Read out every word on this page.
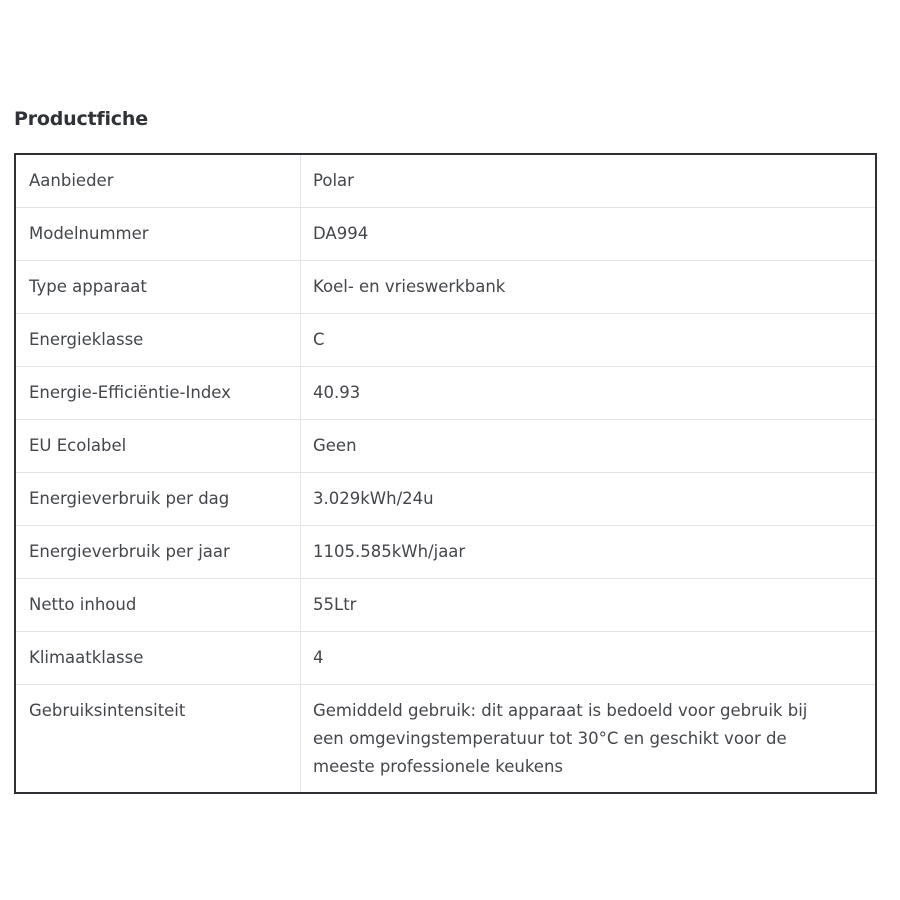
Productfiche
Aanbieder	Polar
Modelnummer	DA994
Type apparaat	Koel- en vrieswerkbank
Energieklasse	C
Energie-Efficiëntie-Index	40.93
EU Ecolabel	Geen
Energieverbruik per dag	3.029kWh/24u
Energieverbruik per jaar	1105.585kWh/jaar
Netto inhoud	55Ltr
Klimaatklasse	4
Gebruiksintensiteit	Gemiddeld gebruik: dit apparaat is bedoeld voor gebruik bij een omgevingstemperatuur tot 30°C en geschikt voor de meeste professionele keukens
